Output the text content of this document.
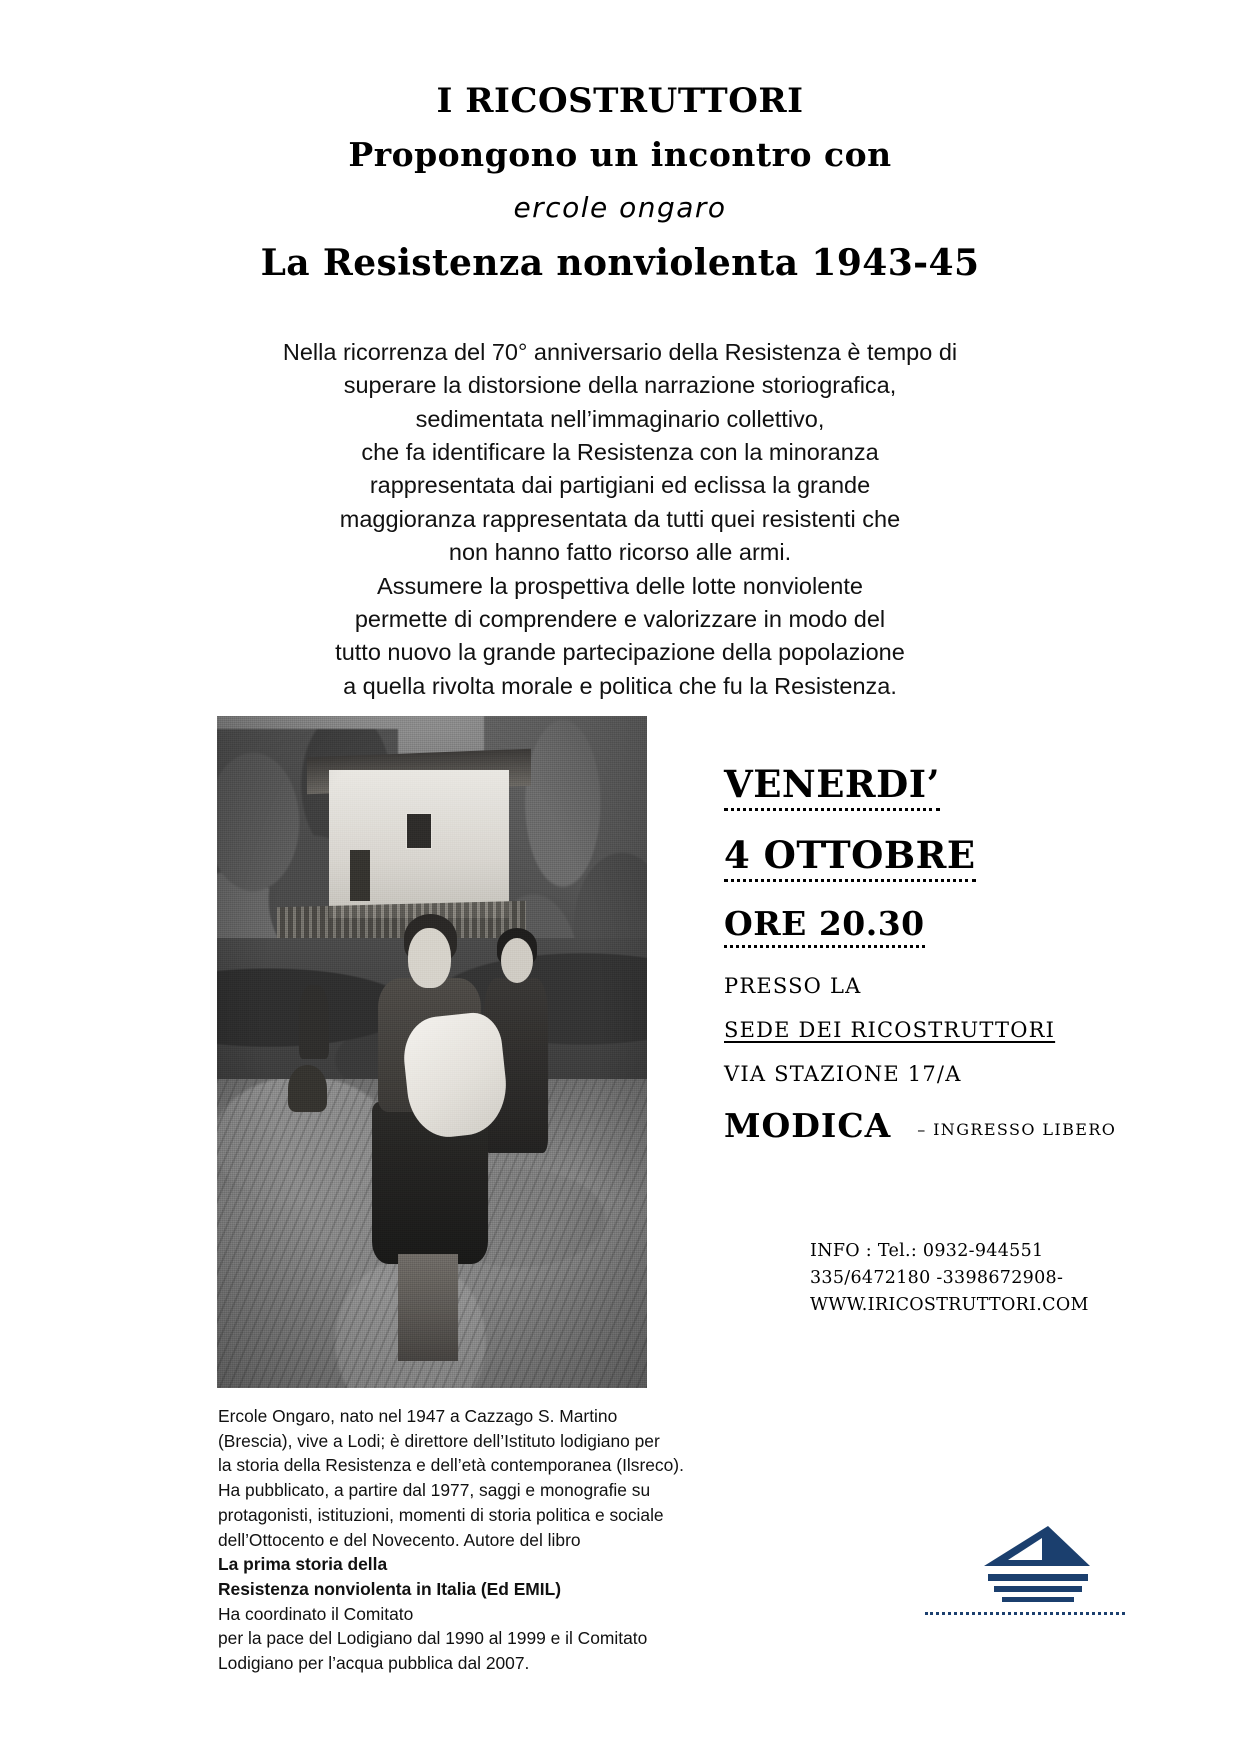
I RICOSTRUTTORI
Propongono un incontro con
ercole ongaro
La Resistenza nonviolenta 1943-45
Nella ricorrenza del 70° anniversario della Resistenza è tempo di
superare la distorsione della narrazione storiografica,
sedimentata nell’immaginario collettivo,
che fa identificare la Resistenza con la minoranza
rappresentata dai partigiani ed eclissa la grande
maggioranza rappresentata da tutti quei resistenti che
non hanno fatto ricorso alle armi.
Assumere la prospettiva delle lotte nonviolente
permette di comprendere e valorizzare in modo del
tutto nuovo la grande partecipazione della popolazione
a quella rivolta morale e politica che fu la Resistenza.
VENERDI’
4 OTTOBRE
ORE 20.30
PRESSO LA
SEDE DEI RICOSTRUTTORI
VIA STAZIONE 17/A
MODICA – INGRESSO LIBERO
INFO : Tel.: 0932-944551
335/6472180 -3398672908-
WWW.IRICOSTRUTTORI.COM
Ercole Ongaro, nato nel 1947 a Cazzago S. Martino
(Brescia), vive a Lodi; è direttore dell’Istituto lodigiano per
la storia della Resistenza e dell’età contemporanea (Ilsreco).
Ha pubblicato, a partire dal 1977, saggi e monografie su
protagonisti, istituzioni, momenti di storia politica e sociale
dell’Ottocento e del Novecento. Autore del libro
La prima storia della
Resistenza nonviolenta in Italia (Ed EMIL)
Ha coordinato il Comitato
per la pace del Lodigiano dal 1990 al 1999 e il Comitato
Lodigiano per l’acqua pubblica dal 2007.
